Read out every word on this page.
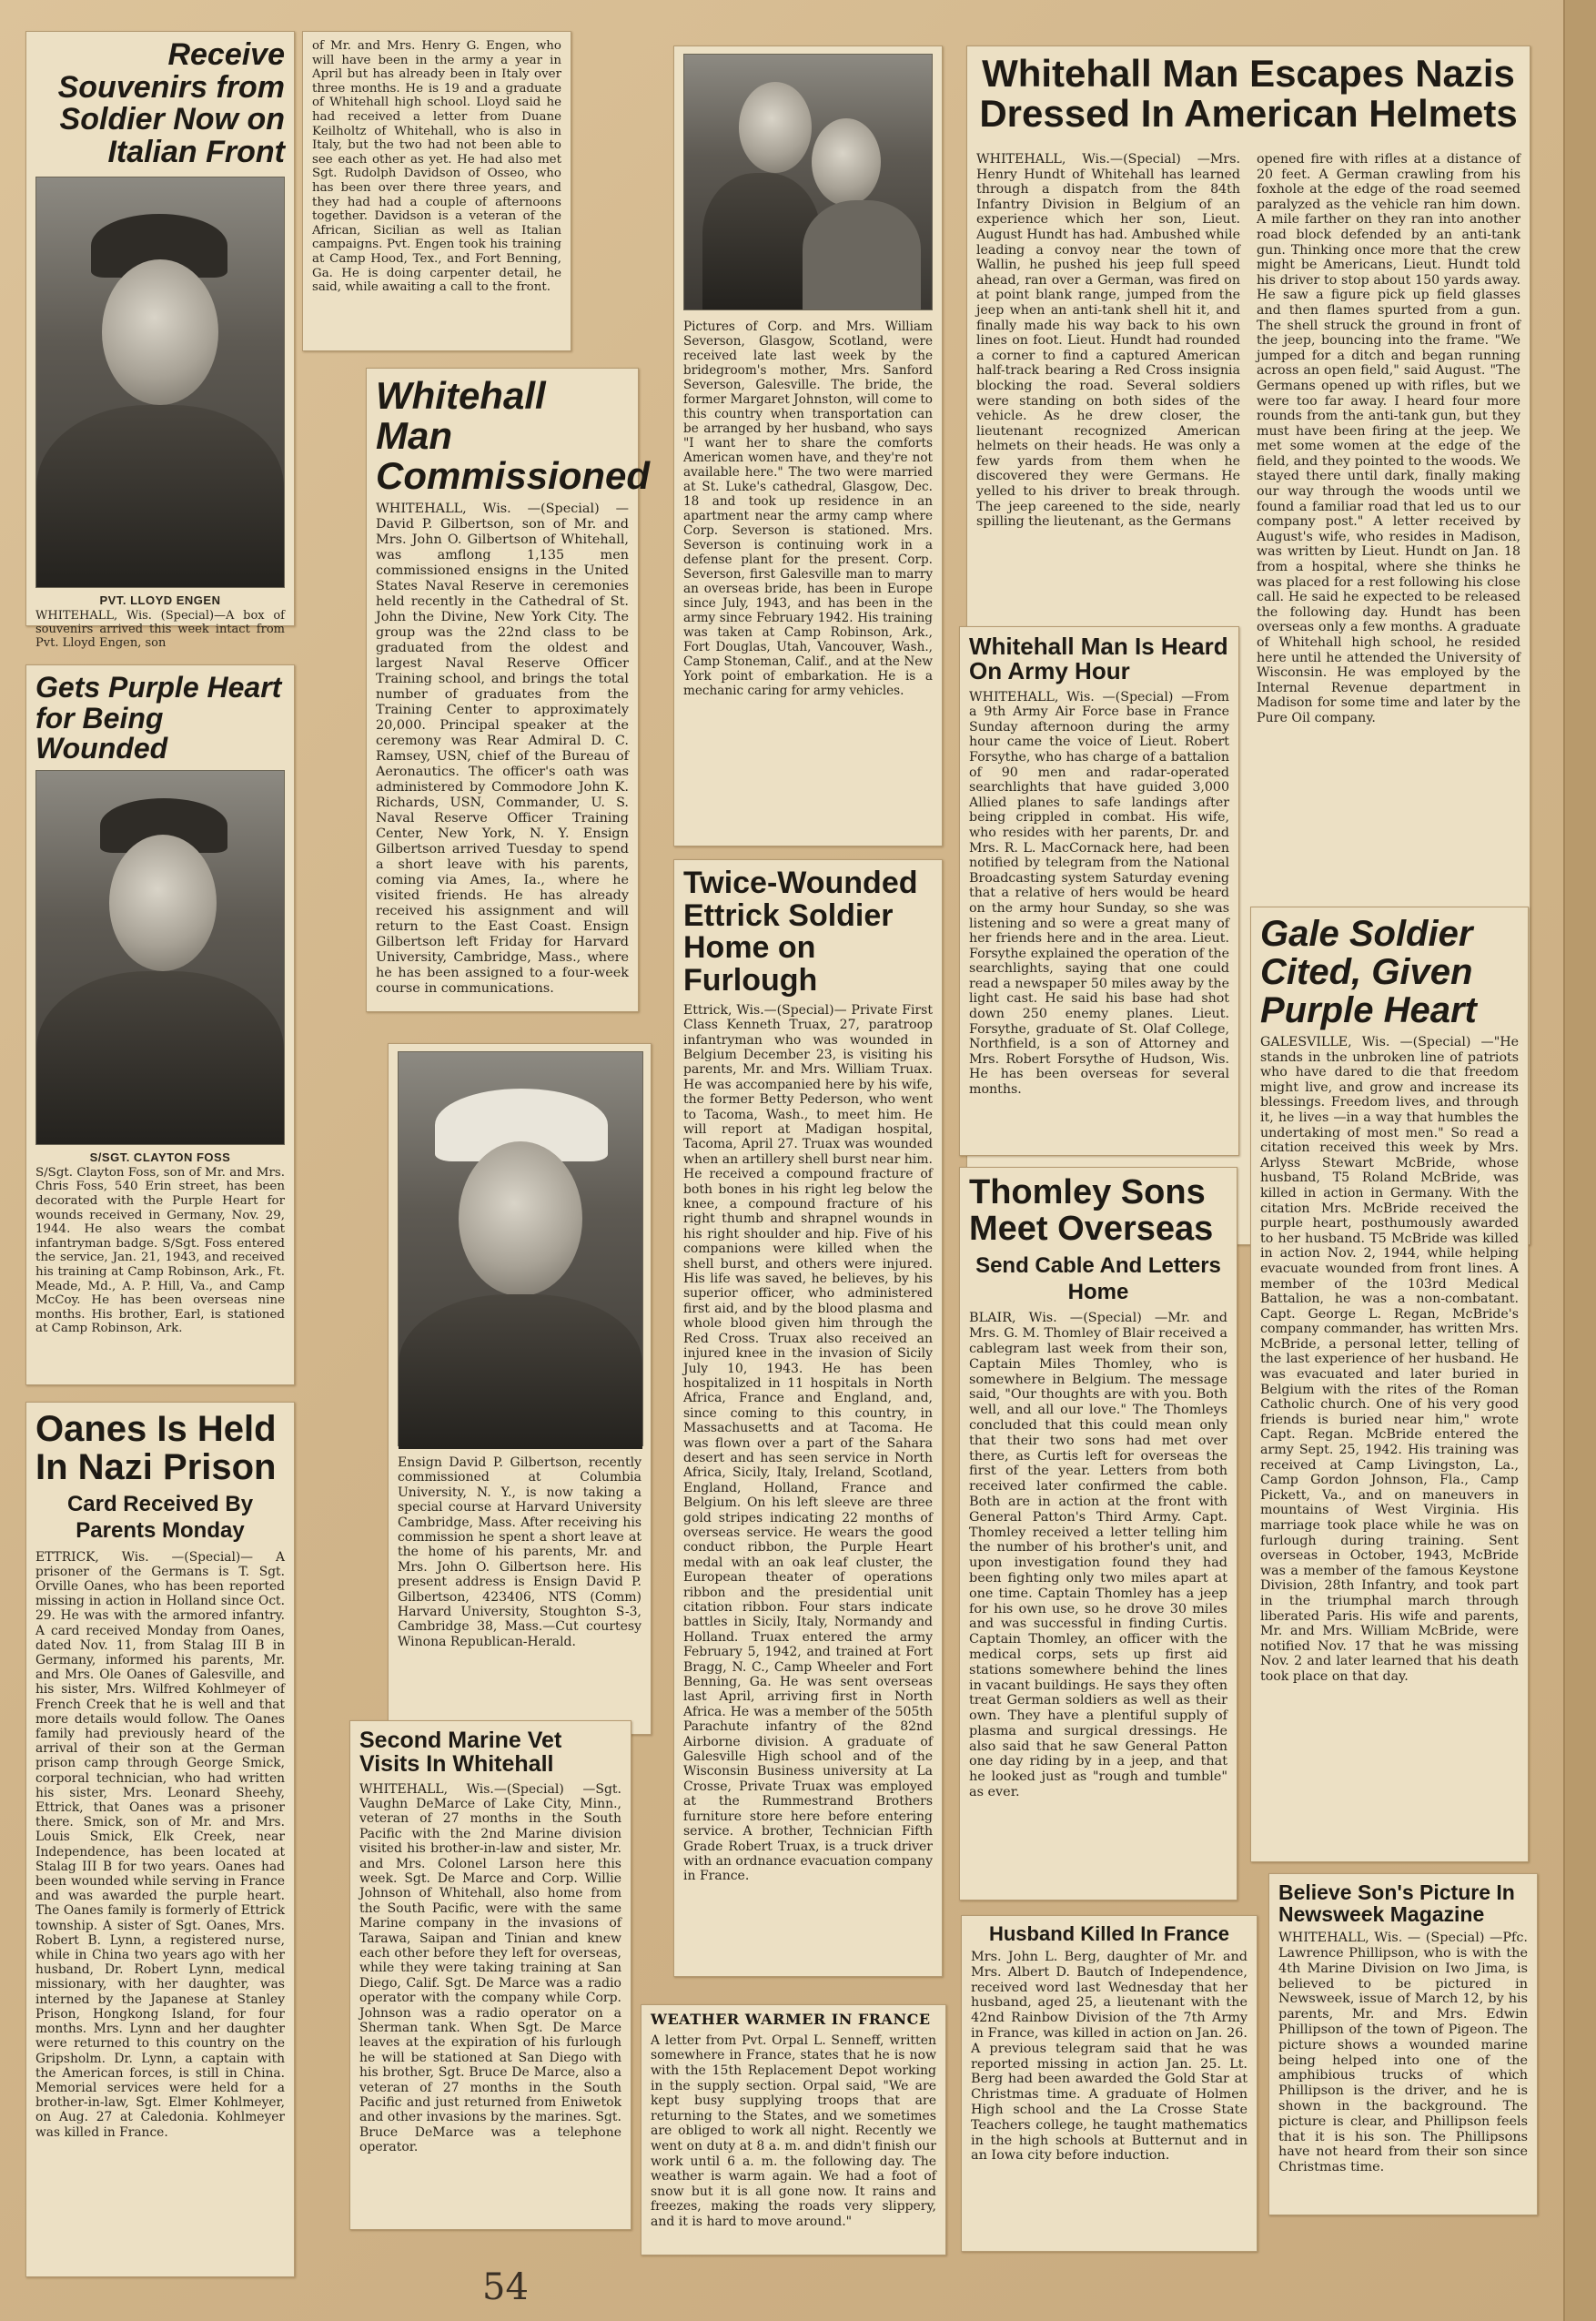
Receive Souvenirs from Soldier Now on Italian Front
PVT. LLOYD ENGEN
WHITEHALL, Wis. (Special)—A box of souvenirs arrived this week intact from Pvt. Lloyd Engen, son
of Mr. and Mrs. Henry G. Engen, who will have been in the army a year in April but has already been in Italy over three months. He is 19 and a graduate of Whitehall high school. Lloyd said he had received a letter from Duane Keilholtz of Whitehall, who is also in Italy, but the two had not been able to see each other as yet. He had also met Sgt. Rudolph Davidson of Osseo, who has been over there three years, and they had had a couple of afternoons together. Davidson is a veteran of the African, Sicilian as well as Italian campaigns. Pvt. Engen took his training at Camp Hood, Tex., and Fort Benning, Ga. He is doing carpenter detail, he said, while awaiting a call to the front.
Gets Purple Heart for Being Wounded
S/SGT. CLAYTON FOSS
S/Sgt. Clayton Foss, son of Mr. and Mrs. Chris Foss, 540 Erin street, has been decorated with the Purple Heart for wounds received in Germany, Nov. 29, 1944. He also wears the combat infantryman badge. S/Sgt. Foss entered the service, Jan. 21, 1943, and received his training at Camp Robinson, Ark., Ft. Meade, Md., A. P. Hill, Va., and Camp McCoy. He has been overseas nine months. His brother, Earl, is stationed at Camp Robinson, Ark.
Oanes Is Held In Nazi Prison
Card Received By Parents Monday
ETTRICK, Wis. —(Special)— A prisoner of the Germans is T. Sgt. Orville Oanes, who has been reported missing in action in Holland since Oct. 29. He was with the armored infantry. A card received Monday from Oanes, dated Nov. 11, from Stalag III B in Germany, informed his parents, Mr. and Mrs. Ole Oanes of Galesville, and his sister, Mrs. Wilfred Kohlmeyer of French Creek that he is well and that more details would follow. The Oanes family had previously heard of the arrival of their son at the German prison camp through George Smick, corporal technician, who had written his sister, Mrs. Leonard Sheehy, Ettrick, that Oanes was a prisoner there. Smick, son of Mr. and Mrs. Louis Smick, Elk Creek, near Independence, has been located at Stalag III B for two years. Oanes had been wounded while serving in France and was awarded the purple heart. The Oanes family is formerly of Ettrick township. A sister of Sgt. Oanes, Mrs. Robert B. Lynn, a registered nurse, while in China two years ago with her husband, Dr. Robert Lynn, medical missionary, with her daughter, was interned by the Japanese at Stanley Prison, Hongkong Island, for four months. Mrs. Lynn and her daughter were returned to this country on the Gripsholm. Dr. Lynn, a captain with the American forces, is still in China. Memorial services were held for a brother-in-law, Sgt. Elmer Kohlmeyer, on Aug. 27 at Caledonia. Kohlmeyer was killed in France.
Whitehall Man Commissioned
WHITEHALL, Wis. —(Special) —David P. Gilbertson, son of Mr. and Mrs. John O. Gilbertson of Whitehall, was amflong 1,135 men commissioned ensigns in the United States Naval Reserve in ceremonies held recently in the Cathedral of St. John the Divine, New York City. The group was the 22nd class to be graduated from the oldest and largest Naval Reserve Officer Training school, and brings the total number of graduates from the Training Center to approximately 20,000. Principal speaker at the ceremony was Rear Admiral D. C. Ramsey, USN, chief of the Bureau of Aeronautics. The officer's oath was administered by Commodore John K. Richards, USN, Commander, U. S. Naval Reserve Officer Training Center, New York, N. Y. Ensign Gilbertson arrived Tuesday to spend a short leave with his parents, coming via Ames, Ia., where he visited friends. He has already received his assignment and will return to the East Coast. Ensign Gilbertson left Friday for Harvard University, Cambridge, Mass., where he has been assigned to a four-week course in communications.
Ensign David P. Gilbertson, recently commissioned at Columbia University, N. Y., is now taking a special course at Harvard University Cambridge, Mass. After receiving his commission he spent a short leave at the home of his parents, Mr. and Mrs. John O. Gilbertson here. His present address is Ensign David P. Gilbertson, 423406, NTS (Comm) Harvard University, Stoughton S-3, Cambridge 38, Mass.—Cut courtesy Winona Republican-Herald.
Second Marine Vet Visits In Whitehall
WHITEHALL, Wis.—(Special) —Sgt. Vaughn DeMarce of Lake City, Minn., veteran of 27 months in the South Pacific with the 2nd Marine division visited his brother-in-law and sister, Mr. and Mrs. Colonel Larson here this week. Sgt. De Marce and Corp. Willie Johnson of Whitehall, also home from the South Pacific, were with the same Marine company in the invasions of Tarawa, Saipan and Tinian and knew each other before they left for overseas, while they were taking training at San Diego, Calif. Sgt. De Marce was a radio operator with the company while Corp. Johnson was a radio operator on a Sherman tank. When Sgt. De Marce leaves at the expiration of his furlough he will be stationed at San Diego with his brother, Sgt. Bruce De Marce, also a veteran of 27 months in the South Pacific and just returned from Eniwetok and other invasions by the marines. Sgt. Bruce DeMarce was a telephone operator.
Pictures of Corp. and Mrs. William Severson, Glasgow, Scotland, were received late last week by the bridegroom's mother, Mrs. Sanford Severson, Galesville. The bride, the former Margaret Johnston, will come to this country when transportation can be arranged by her husband, who says "I want her to share the comforts American women have, and they're not available here." The two were married at St. Luke's cathedral, Glasgow, Dec. 18 and took up residence in an apartment near the army camp where Corp. Severson is stationed. Mrs. Severson is continuing work in a defense plant for the present. Corp. Severson, first Galesville man to marry an overseas bride, has been in Europe since July, 1943, and has been in the army since February 1942. His training was taken at Camp Robinson, Ark., Fort Douglas, Utah, Vancouver, Wash., Camp Stoneman, Calif., and at the New York point of embarkation. He is a mechanic caring for army vehicles.
Twice-Wounded Ettrick Soldier Home on Furlough
Ettrick, Wis.—(Special)— Private First Class Kenneth Truax, 27, paratroop infantryman who was wounded in Belgium December 23, is visiting his parents, Mr. and Mrs. William Truax. He was accompanied here by his wife, the former Betty Pederson, who went to Tacoma, Wash., to meet him. He will report at Madigan hospital, Tacoma, April 27. Truax was wounded when an artillery shell burst near him. He received a compound fracture of both bones in his right leg below the knee, a compound fracture of his right thumb and shrapnel wounds in his right shoulder and hip. Five of his companions were killed when the shell burst, and others were injured. His life was saved, he believes, by his superior officer, who administered first aid, and by the blood plasma and whole blood given him through the Red Cross. Truax also received an injured knee in the invasion of Sicily July 10, 1943. He has been hospitalized in 11 hospitals in North Africa, France and England, and, since coming to this country, in Massachusetts and at Tacoma. He was flown over a part of the Sahara desert and has seen service in North Africa, Sicily, Italy, Ireland, Scotland, England, Holland, France and Belgium. On his left sleeve are three gold stripes indicating 22 months of overseas service. He wears the good conduct ribbon, the Purple Heart medal with an oak leaf cluster, the European theater of operations ribbon and the presidential unit citation ribbon. Four stars indicate battles in Sicily, Italy, Normandy and Holland. Truax entered the army February 5, 1942, and trained at Fort Bragg, N. C., Camp Wheeler and Fort Benning, Ga. He was sent overseas last April, arriving first in North Africa. He was a member of the 505th Parachute infantry of the 82nd Airborne division. A graduate of Galesville High school and of the Wisconsin Business university at La Crosse, Private Truax was employed at the Rummestrand Brothers furniture store here before entering service. A brother, Technician Fifth Grade Robert Truax, is a truck driver with an ordnance evacuation company in France.
WEATHER WARMER IN FRANCE
A letter from Pvt. Orpal L. Senneff, written somewhere in France, states that he is now with the 15th Replacement Depot working in the supply section. Orpal said, "We are kept busy supplying troops that are returning to the States, and we sometimes are obliged to work all night. Recently we went on duty at 8 a. m. and didn't finish our work until 6 a. m. the following day. The weather is warm again. We had a foot of snow but it is all gone now. It rains and freezes, making the roads very slippery, and it is hard to move around."
Whitehall Man Escapes Nazis Dressed In American Helmets
WHITEHALL, Wis.—(Special) —Mrs. Henry Hundt of Whitehall has learned through a dispatch from the 84th Infantry Division in Belgium of an experience which her son, Lieut. August Hundt has had. Ambushed while leading a convoy near the town of Wallin, he pushed his jeep full speed ahead, ran over a German, was fired on at point blank range, jumped from the jeep when an anti-tank shell hit it, and finally made his way back to his own lines on foot. Lieut. Hundt had rounded a corner to find a captured American half-track bearing a Red Cross insignia blocking the road. Several soldiers were standing on both sides of the vehicle. As he drew closer, the lieutenant recognized American helmets on their heads. He was only a few yards from them when he discovered they were Germans. He yelled to his driver to break through. The jeep careened to the side, nearly spilling the lieutenant, as the Germans
opened fire with rifles at a distance of 20 feet. A German crawling from his foxhole at the edge of the road seemed paralyzed as the vehicle ran him down. A mile farther on they ran into another road block defended by an anti-tank gun. Thinking once more that the crew might be Americans, Lieut. Hundt told his driver to stop about 150 yards away. He saw a figure pick up field glasses and then flames spurted from a gun. The shell struck the ground in front of the jeep, bouncing into the frame. "We jumped for a ditch and began running across an open field," said August. "The Germans opened up with rifles, but we were too far away. I heard four more rounds from the anti-tank gun, but they must have been firing at the jeep. We met some women at the edge of the field, and they pointed to the woods. We stayed there until dark, finally making our way through the woods until we found a familiar road that led us to our company post." A letter received by August's wife, who resides in Madison, was written by Lieut. Hundt on Jan. 18 from a hospital, where she thinks he was placed for a rest following his close call. He said he expected to be released the following day. Hundt has been overseas only a few months. A graduate of Whitehall high school, he resided here until he attended the University of Wisconsin. He was employed by the Internal Revenue department in Madison for some time and later by the Pure Oil company.
Whitehall Man Is Heard On Army Hour
WHITEHALL, Wis. —(Special) —From a 9th Army Air Force base in France Sunday afternoon during the army hour came the voice of Lieut. Robert Forsythe, who has charge of a battalion of 90 men and radar-operated searchlights that have guided 3,000 Allied planes to safe landings after being crippled in combat. His wife, who resides with her parents, Dr. and Mrs. R. L. MacCornack here, had been notified by telegram from the National Broadcasting system Saturday evening that a relative of hers would be heard on the army hour Sunday, so she was listening and so were a great many of her friends here and in the area. Lieut. Forsythe explained the operation of the searchlights, saying that one could read a newspaper 50 miles away by the light cast. He said his base had shot down 250 enemy planes. Lieut. Forsythe, graduate of St. Olaf College, Northfield, is a son of Attorney and Mrs. Robert Forsythe of Hudson, Wis. He has been overseas for several months.
Thomley Sons Meet Overseas
Send Cable And Letters Home
BLAIR, Wis. —(Special) —Mr. and Mrs. G. M. Thomley of Blair received a cablegram last week from their son, Captain Miles Thomley, who is somewhere in Belgium. The message said, "Our thoughts are with you. Both well, and all our love." The Thomleys concluded that this could mean only that their two sons had met over there, as Curtis left for overseas the first of the year. Letters from both received later confirmed the cable. Both are in action at the front with General Patton's Third Army. Capt. Thomley received a letter telling him the number of his brother's unit, and upon investigation found they had been fighting only two miles apart at one time. Captain Thomley has a jeep for his own use, so he drove 30 miles and was successful in finding Curtis. Captain Thomley, an officer with the medical corps, sets up first aid stations somewhere behind the lines in vacant buildings. He says they often treat German soldiers as well as their own. They have a plentiful supply of plasma and surgical dressings. He also said that he saw General Patton one day riding by in a jeep, and that he looked just as "rough and tumble" as ever.
Husband Killed In France
Mrs. John L. Berg, daughter of Mr. and Mrs. Albert D. Bautch of Independence, received word last Wednesday that her husband, aged 25, a lieutenant with the 42nd Rainbow Division of the 7th Army in France, was killed in action on Jan. 26. A previous telegram said that he was reported missing in action Jan. 25. Lt. Berg had been awarded the Gold Star at Christmas time. A graduate of Holmen High school and the La Crosse State Teachers college, he taught mathematics in the high schools at Butternut and in an Iowa city before induction.
Gale Soldier Cited, Given Purple Heart
GALESVILLE, Wis. —(Special) —"He stands in the unbroken line of patriots who have dared to die that freedom might live, and grow and increase its blessings. Freedom lives, and through it, he lives —in a way that humbles the undertaking of most men." So read a citation received this week by Mrs. Arlyss Stewart McBride, whose husband, T5 Roland McBride, was killed in action in Germany. With the citation Mrs. McBride received the purple heart, posthumously awarded to her husband. T5 McBride was killed in action Nov. 2, 1944, while helping evacuate wounded from front lines. A member of the 103rd Medical Battalion, he was a non-combatant. Capt. George L. Regan, McBride's company commander, has written Mrs. McBride, a personal letter, telling of the last experience of her husband. He was evacuated and later buried in Belgium with the rites of the Roman Catholic church. One of his very good friends is buried near him," wrote Capt. Regan. McBride entered the army Sept. 25, 1942. His training was received at Camp Livingston, La., Camp Gordon Johnson, Fla., Camp Pickett, Va., and on maneuvers in mountains of West Virginia. His marriage took place while he was on furlough during training. Sent overseas in October, 1943, McBride was a member of the famous Keystone Division, 28th Infantry, and took part in the triumphal march through liberated Paris. His wife and parents, Mr. and Mrs. William McBride, were notified Nov. 17 that he was missing Nov. 2 and later learned that his death took place on that day.
Believe Son's Picture In Newsweek Magazine
WHITEHALL, Wis. — (Special) —Pfc. Lawrence Phillipson, who is with the 4th Marine Division on Iwo Jima, is believed to be pictured in Newsweek, issue of March 12, by his parents, Mr. and Mrs. Edwin Phillipson of the town of Pigeon. The picture shows a wounded marine being helped into one of the amphibious trucks of which Phillipson is the driver, and he is shown in the background. The picture is clear, and Phillipson feels that it is his son. The Phillipsons have not heard from their son since Christmas time.
54
